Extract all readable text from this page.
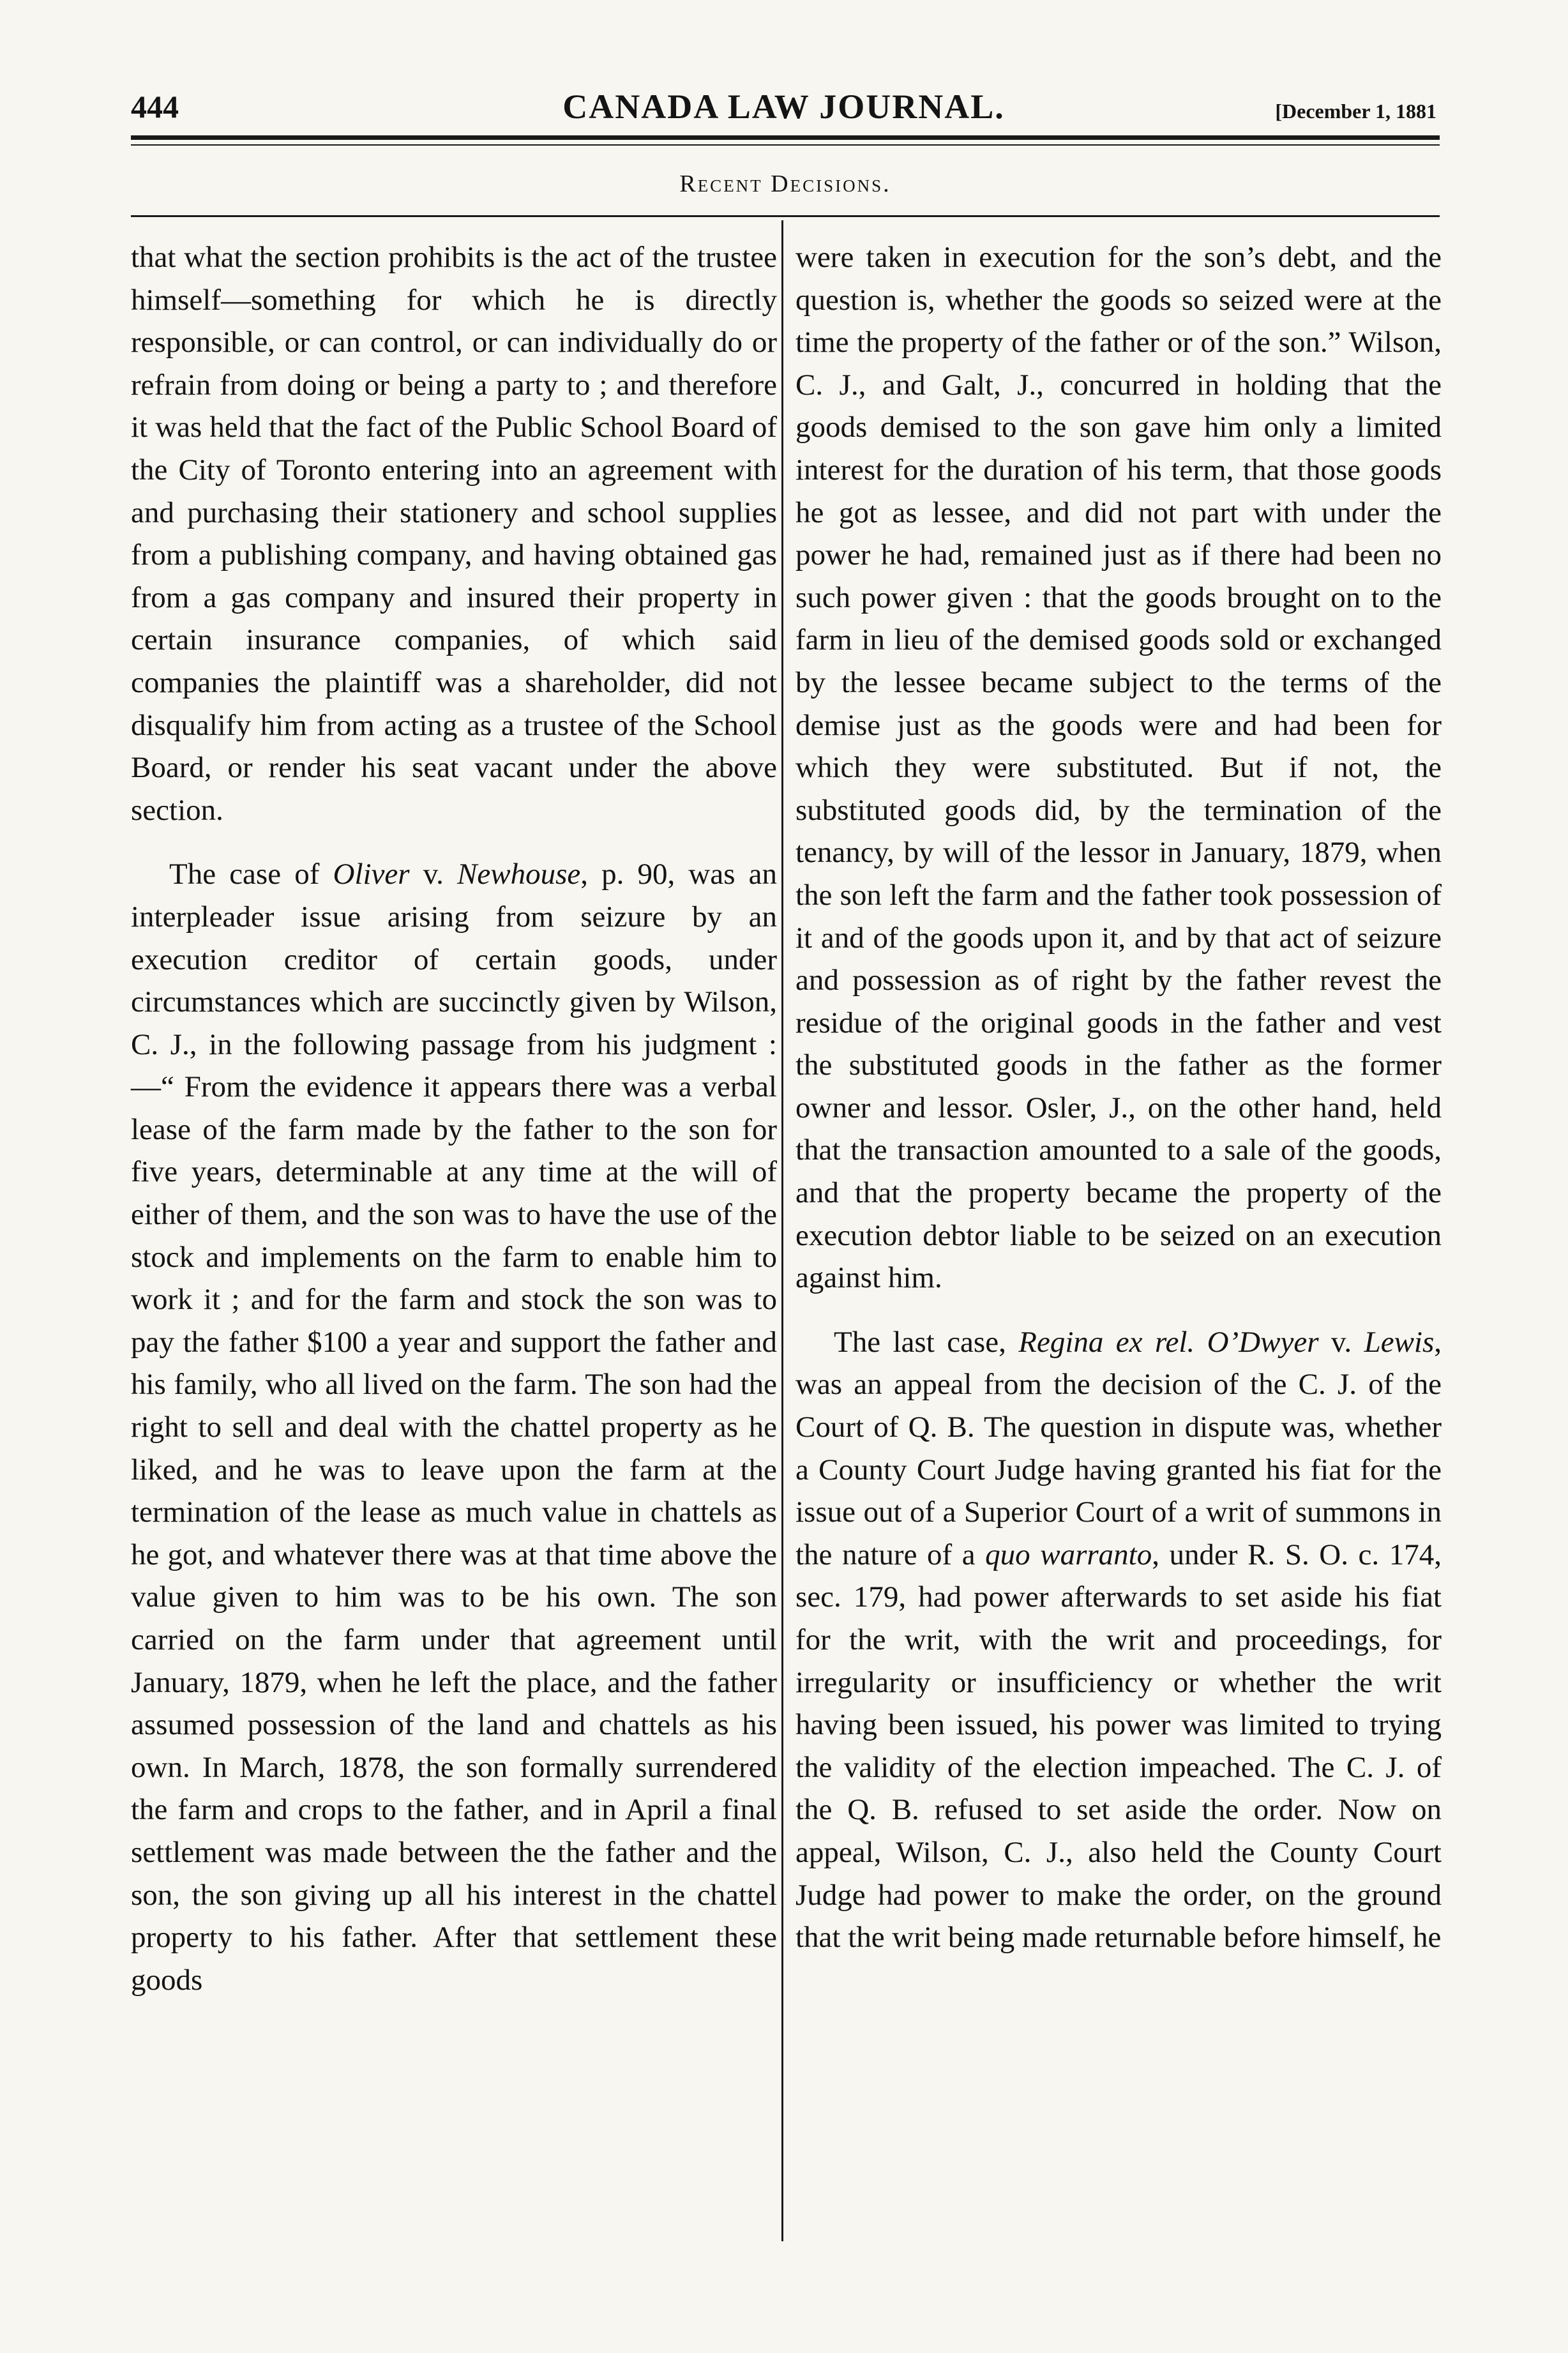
444	CANADA LAW JOURNAL.	[December 1, 1881
Recent Decisions.

that what the section prohibits is the act of the trustee himself—something for which he is directly responsible, or can control, or can individually do or refrain from doing or being a party to ; and therefore it was held that the fact of the Public School Board of the City of Toronto entering into an agreement with and purchasing their stationery and school supplies from a publishing company, and having obtained gas from a gas company and insured their property in certain insurance companies, of which said companies the plaintiff was a shareholder, did not disqualify him from acting as a trustee of the School Board, or render his seat vacant under the above section.

The case of Oliver v. Newhouse, p. 90, was an interpleader issue arising from seizure by an execution creditor of certain goods, under circumstances which are succinctly given by Wilson, C. J., in the following passage from his judgment :—“ From the evidence it appears there was a verbal lease of the farm made by the father to the son for five years, determinable at any time at the will of either of them, and the son was to have the use of the stock and implements on the farm to enable him to work it ; and for the farm and stock the son was to pay the father $100 a year and support the father and his family, who all lived on the farm. The son had the right to sell and deal with the chattel property as he liked, and he was to leave upon the farm at the termination of the lease as much value in chattels as he got, and whatever there was at that time above the value given to him was to be his own. The son carried on the farm under that agreement until January, 1879, when he left the place, and the father assumed possession of the land and chattels as his own. In March, 1878, the son formally surrendered the farm and crops to the father, and in April a final settlement was made between the the father and the son, the son giving up all his interest in the chattel property to his father. After that settlement these goods

were taken in execution for the son’s debt, and the question is, whether the goods so seized were at the time the property of the father or of the son.” Wilson, C. J., and Galt, J., concurred in holding that the goods demised to the son gave him only a limited interest for the duration of his term, that those goods he got as lessee, and did not part with under the power he had, remained just as if there had been no such power given : that the goods brought on to the farm in lieu of the demised goods sold or exchanged by the lessee became subject to the terms of the demise just as the goods were and had been for which they were substituted. But if not, the substituted goods did, by the termination of the tenancy, by will of the lessor in January, 1879, when the son left the farm and the father took possession of it and of the goods upon it, and by that act of seizure and possession as of right by the father revest the residue of the original goods in the father and vest the substituted goods in the father as the former owner and lessor. Osler, J., on the other hand, held that the transaction amounted to a sale of the goods, and that the property became the property of the execution debtor liable to be seized on an execution against him.

The last case, Regina ex rel. O’Dwyer v. Lewis, was an appeal from the decision of the C. J. of the Court of Q. B. The question in dispute was, whether a County Court Judge having granted his fiat for the issue out of a Superior Court of a writ of summons in the nature of a quo warranto, under R. S. O. c. 174, sec. 179, had power afterwards to set aside his fiat for the writ, with the writ and proceedings, for irregularity or insufficiency or whether the writ having been issued, his power was limited to trying the validity of the election impeached. The C. J. of the Q. B. refused to set aside the order. Now on appeal, Wilson, C. J., also held the County Court Judge had power to make the order, on the ground that the writ being made returnable before himself, he
